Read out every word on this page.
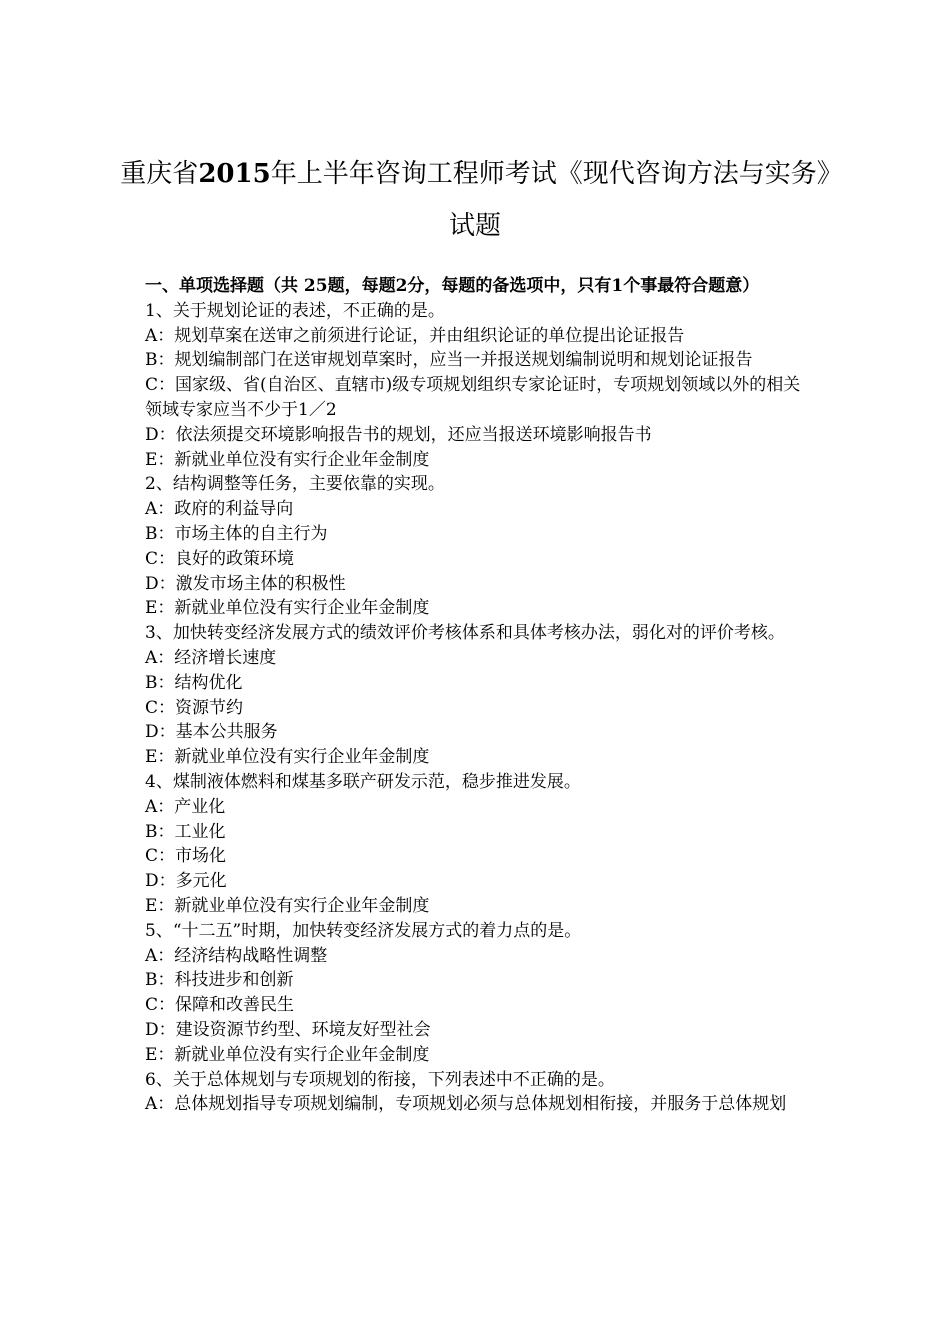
重庆省2015年上半年咨询工程师考试《现代咨询方法与实务》试题

一、单项选择题（共 25题，每题2分，每题的备选项中，只有1个事最符合题意）

1、关于规划论证的表述，不正确的是。

A：规划草案在送审之前须进行论证，并由组织论证的单位提出论证报告

B：规划编制部门在送审规划草案时，应当一并报送规划编制说明和规划论证报告

C：国家级、省(自治区、直辖市)级专项规划组织专家论证时，专项规划领域以外的相关领域专家应当不少于1／2

D：依法须提交环境影响报告书的规划，还应当报送环境影响报告书

E：新就业单位没有实行企业年金制度

2、结构调整等任务，主要依靠的实现。

A：政府的利益导向

B：市场主体的自主行为

C：良好的政策环境

D：激发市场主体的积极性

E：新就业单位没有实行企业年金制度

3、加快转变经济发展方式的绩效评价考核体系和具体考核办法，弱化对的评价考核。

A：经济增长速度

B：结构优化

C：资源节约

D：基本公共服务

E：新就业单位没有实行企业年金制度

4、煤制液体燃料和煤基多联产研发示范，稳步推进发展。

A：产业化

B：工业化

C：市场化

D：多元化

E：新就业单位没有实行企业年金制度

5、“十二五”时期，加快转变经济发展方式的着力点的是。

A：经济结构战略性调整

B：科技进步和创新

C：保障和改善民生

D：建设资源节约型、环境友好型社会

E：新就业单位没有实行企业年金制度

6、关于总体规划与专项规划的衔接，下列表述中不正确的是。

A：总体规划指导专项规划编制，专项规划必须与总体规划相衔接，并服务于总体规划
